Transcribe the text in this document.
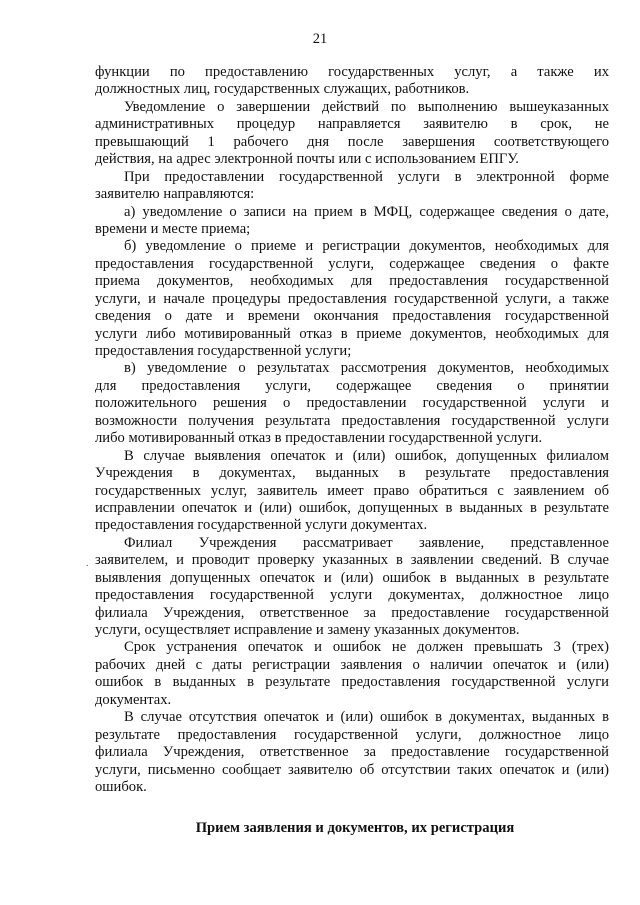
21
функции по предоставлению государственных услуг, а также их
должностных лиц, государственных служащих, работников.
Уведомление о завершении действий по выполнению вышеуказанных
административных процедур направляется заявителю в срок, не
превышающий 1 рабочего дня после завершения соответствующего
действия, на адрес электронной почты или с использованием ЕПГУ.
При предоставлении государственной услуги в электронной форме
заявителю направляются:
а) уведомление о записи на прием в МФЦ, содержащее сведения о дате,
времени и месте приема;
б) уведомление о приеме и регистрации документов, необходимых для
предоставления государственной услуги, содержащее сведения о факте
приема документов, необходимых для предоставления государственной
услуги, и начале процедуры предоставления государственной услуги, а также
сведения о дате и времени окончания предоставления государственной
услуги либо мотивированный отказ в приеме документов, необходимых для
предоставления государственной услуги;
в) уведомление о результатах рассмотрения документов, необходимых
для предоставления услуги, содержащее сведения о принятии
положительного решения о предоставлении государственной услуги и
возможности получения результата предоставления государственной услуги
либо мотивированный отказ в предоставлении государственной услуги.
В случае выявления опечаток и (или) ошибок, допущенных филиалом
Учреждения в документах, выданных в результате предоставления
государственных услуг, заявитель имеет право обратиться с заявлением об
исправлении опечаток и (или) ошибок, допущенных в выданных в результате
предоставления государственной услуги документах.
Филиал Учреждения рассматривает заявление, представленное
заявителем, и проводит проверку указанных в заявлении сведений. В случае
выявления допущенных опечаток и (или) ошибок в выданных в результате
предоставления государственной услуги документах, должностное лицо
филиала Учреждения, ответственное за предоставление государственной
услуги, осуществляет исправление и замену указанных документов.
Срок устранения опечаток и ошибок не должен превышать 3 (трех)
рабочих дней с даты регистрации заявления о наличии опечаток и (или)
ошибок в выданных в результате предоставления государственной услуги
документах.
В случае отсутствия опечаток и (или) ошибок в документах, выданных в
результате предоставления государственной услуги, должностное лицо
филиала Учреждения, ответственное за предоставление государственной
услуги, письменно сообщает заявителю об отсутствии таких опечаток и (или)
ошибок.
Прием заявления и документов, их регистрация
.
